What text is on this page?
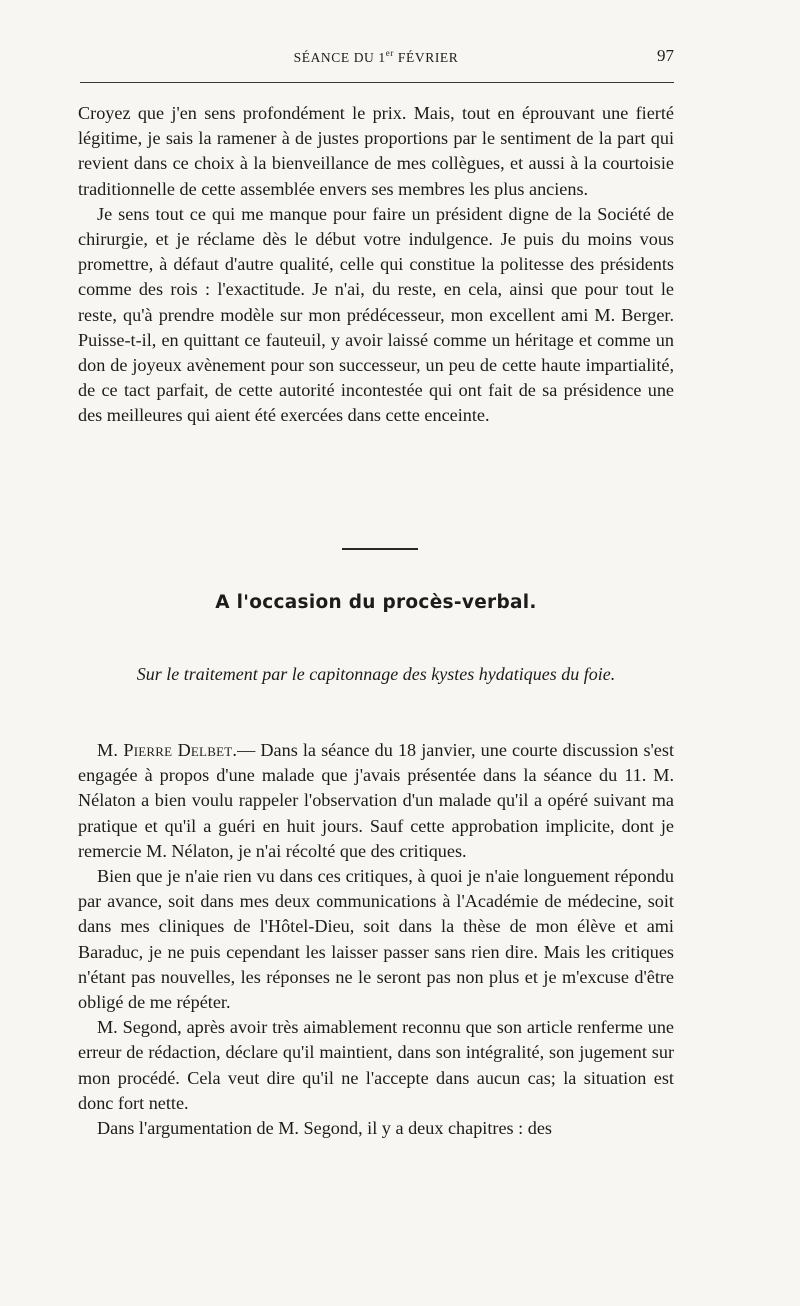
SÉANCE DU 1er FÉVRIER	97

Croyez que j'en sens profondément le prix. Mais, tout en éprouvant une fierté légitime, je sais la ramener à de justes proportions par le sentiment de la part qui revient dans ce choix à la bienveillance de mes collègues, et aussi à la courtoisie traditionnelle de cette assemblée envers ses membres les plus anciens.

Je sens tout ce qui me manque pour faire un président digne de la Société de chirurgie, et je réclame dès le début votre indulgence. Je puis du moins vous promettre, à défaut d'autre qualité, celle qui constitue la politesse des présidents comme des rois : l'exactitude. Je n'ai, du reste, en cela, ainsi que pour tout le reste, qu'à prendre modèle sur mon prédécesseur, mon excellent ami M. Berger. Puisse-t-il, en quittant ce fauteuil, y avoir laissé comme un héritage et comme un don de joyeux avènement pour son successeur, un peu de cette haute impartialité, de ce tact parfait, de cette autorité incontestée qui ont fait de sa présidence une des meilleures qui aient été exercées dans cette enceinte.

A l'occasion du procès-verbal.
Sur le traitement par le capitonnage des kystes hydatiques du foie.

M. Pierre Delbet.— Dans la séance du 18 janvier, une courte discussion s'est engagée à propos d'une malade que j'avais présentée dans la séance du 11. M. Nélaton a bien voulu rappeler l'observation d'un malade qu'il a opéré suivant ma pratique et qu'il a guéri en huit jours. Sauf cette approbation implicite, dont je remercie M. Nélaton, je n'ai récolté que des critiques.

Bien que je n'aie rien vu dans ces critiques, à quoi je n'aie longuement répondu par avance, soit dans mes deux communications à l'Académie de médecine, soit dans mes cliniques de l'Hôtel-Dieu, soit dans la thèse de mon élève et ami Baraduc, je ne puis cependant les laisser passer sans rien dire. Mais les critiques n'étant pas nouvelles, les réponses ne le seront pas non plus et je m'excuse d'être obligé de me répéter.

M. Segond, après avoir très aimablement reconnu que son article renferme une erreur de rédaction, déclare qu'il maintient, dans son intégralité, son jugement sur mon procédé. Cela veut dire qu'il ne l'accepte dans aucun cas; la situation est donc fort nette.

Dans l'argumentation de M. Segond, il y a deux chapitres : des
